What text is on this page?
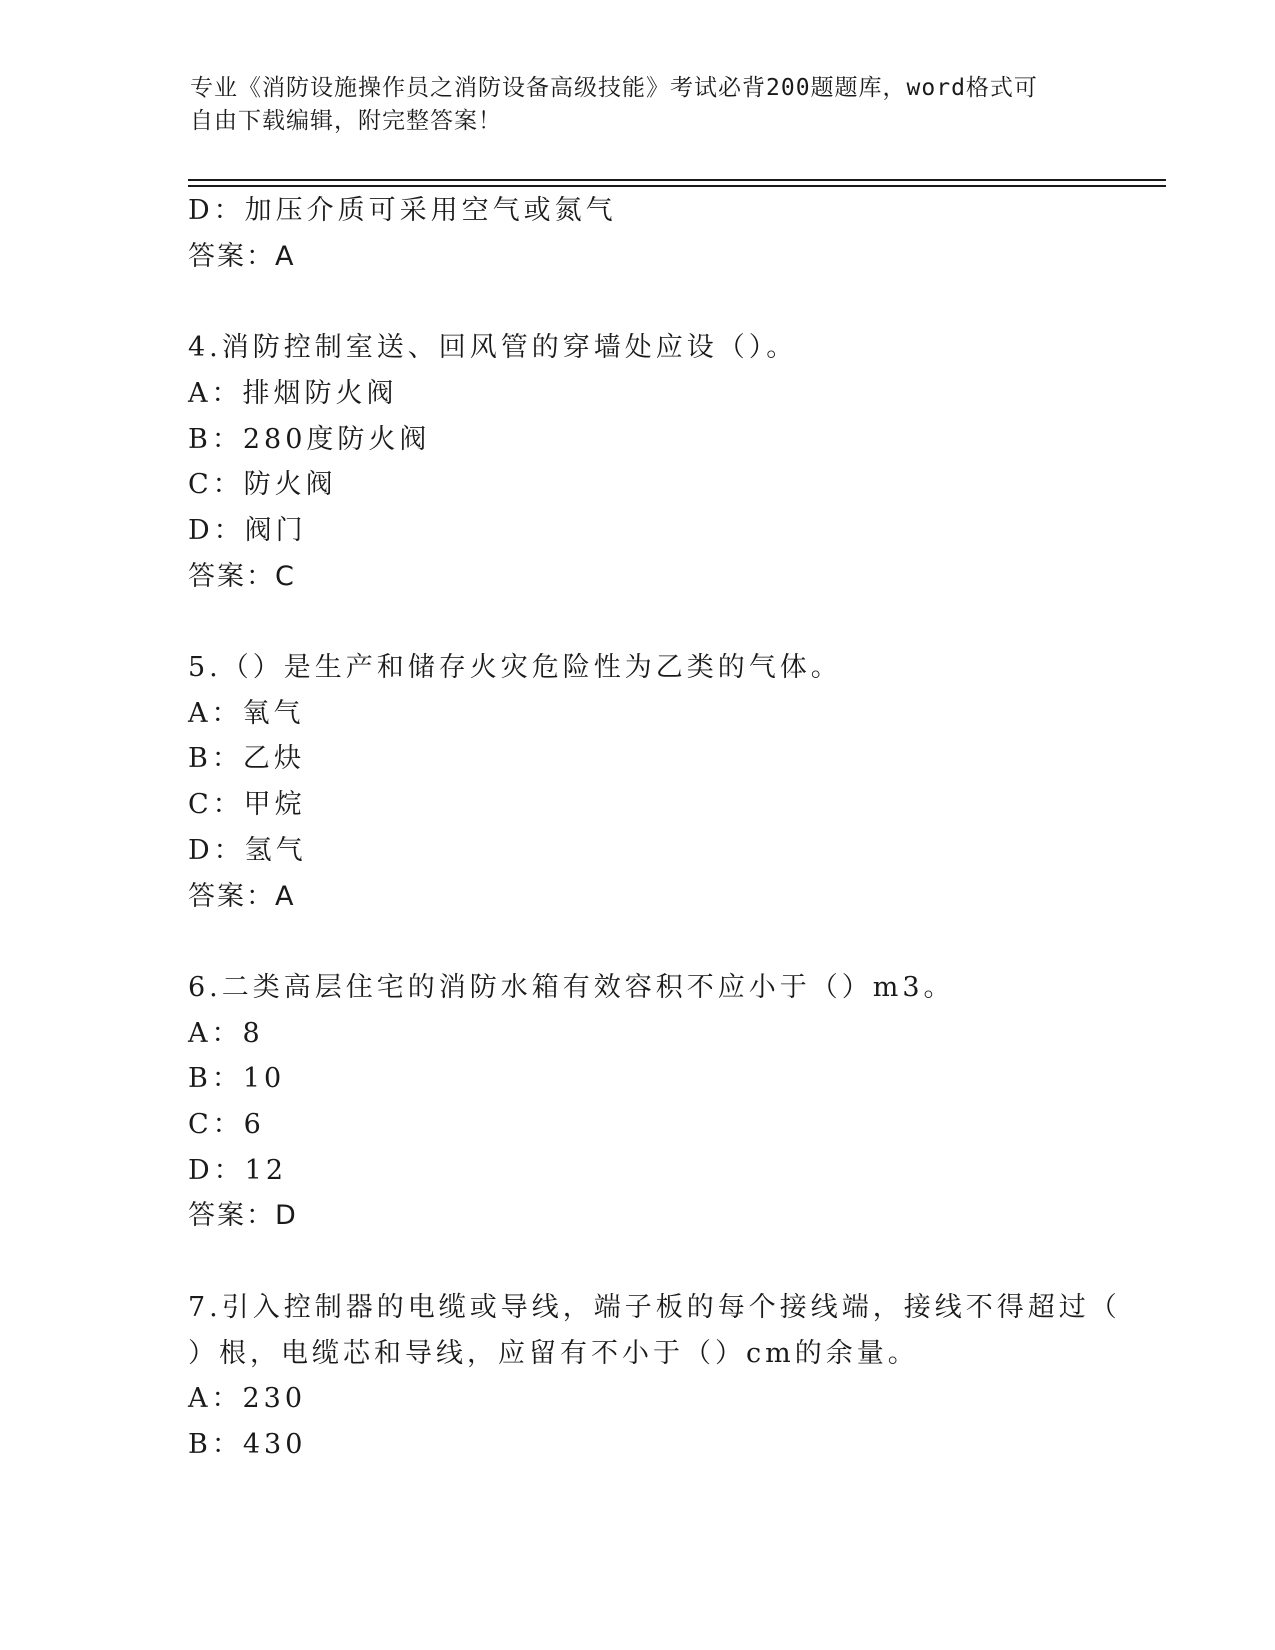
专业《消防设施操作员之消防设备高级技能》考试必背200题题库，word格式可
自由下载编辑，附完整答案！
D：加压介质可采用空气或氮气
答案：A
4.消防控制室送、回风管的穿墙处应设（）。
A：排烟防火阀
B：280度防火阀
C：防火阀
D：阀门
答案：C
5.（）是生产和储存火灾危险性为乙类的气体。
A：氧气
B：乙炔
C：甲烷
D：氢气
答案：A
6.二类高层住宅的消防水箱有效容积不应小于（）m3。
A：8
B：10
C：6
D：12
答案：D
7.引入控制器的电缆或导线，端子板的每个接线端，接线不得超过（
）根，电缆芯和导线，应留有不小于（）cm的余量。
A：230
B：430
